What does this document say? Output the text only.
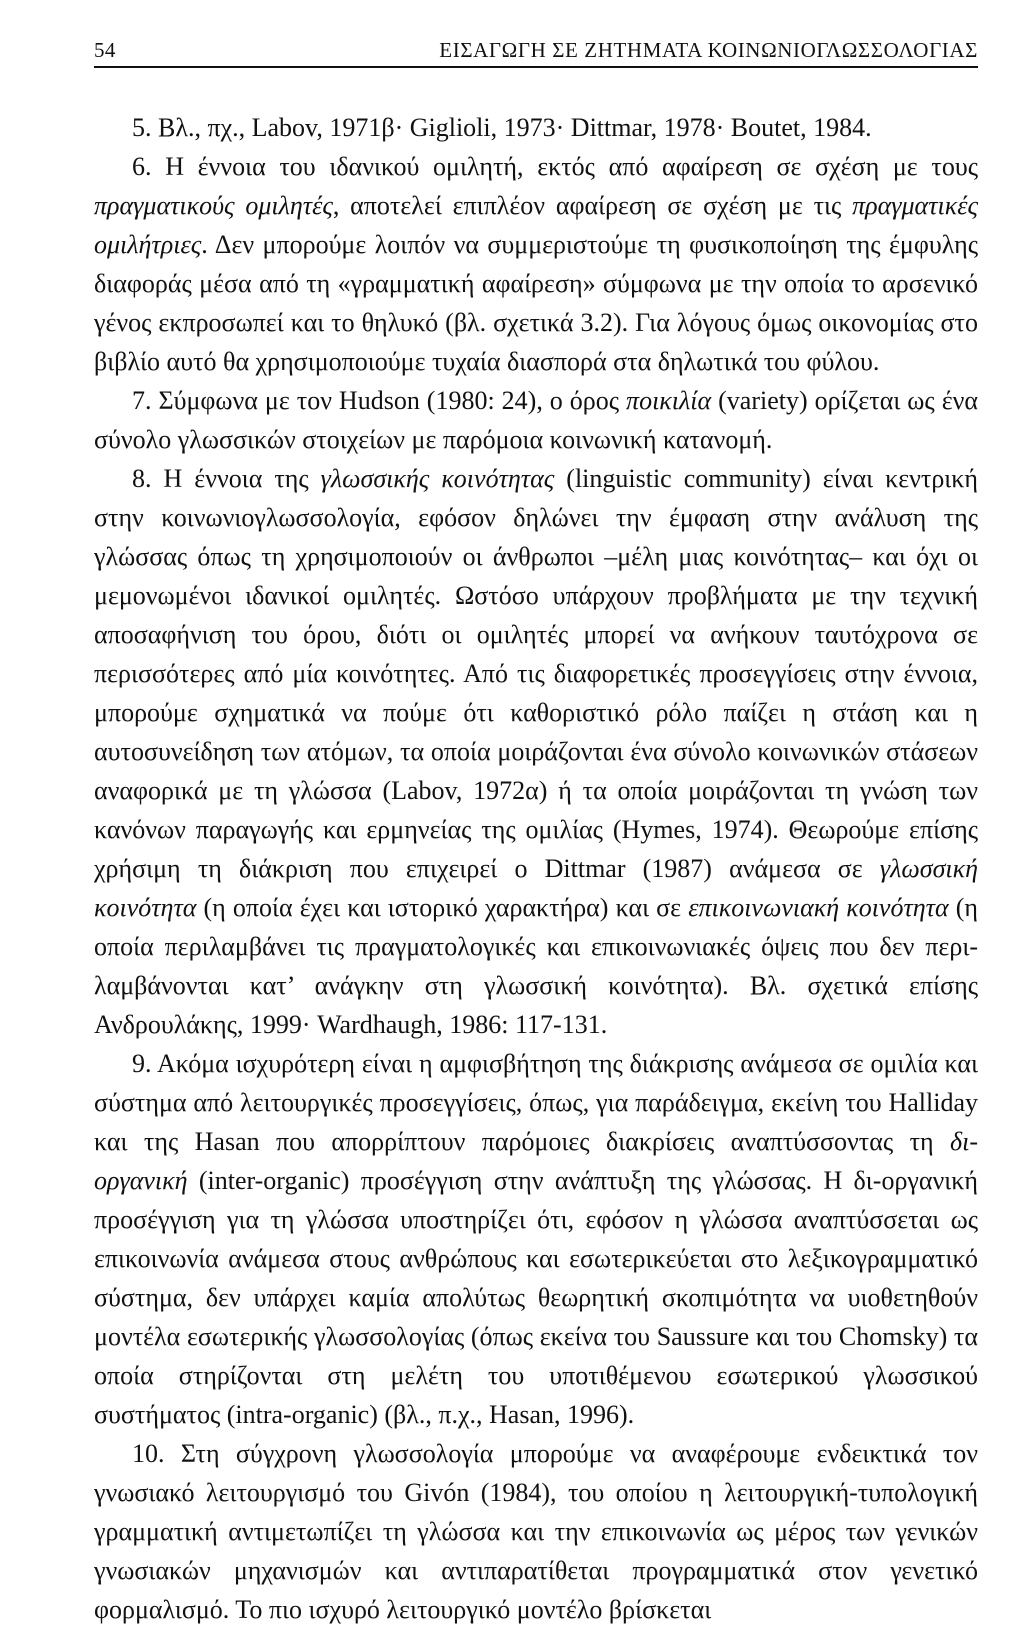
54	ΕΙΣΑΓΩΓΗ ΣΕ ΖΗΤΗΜΑΤΑ ΚΟΙΝΩΝΙΟΓΛΩΣΣΟΛΟΓΙΑΣ

5. Βλ., πχ., Labov, 1971β· Giglioli, 1973· Dittmar, 1978· Boutet, 1984.

6. Η έννοια του ιδανικού ομιλητή, εκτός από αφαίρεση σε σχέση με τους πραγματικούς ομιλητές, αποτελεί επιπλέον αφαίρεση σε σχέση με τις πραγματικές ομιλήτριες. Δεν μπορούμε λοιπόν να συμμεριστούμε τη φυσικοποίηση της έμφυλης διαφοράς μέσα από τη «γραμματική αφαίρεση» σύμφωνα με την οποία το αρσενικό γένος εκπροσωπεί και το θηλυκό (βλ. σχετικά 3.2). Για λόγους όμως οικονομίας στο βιβλίο αυτό θα χρησιμοποιούμε τυχαία διασπορά στα δηλωτικά του φύλου.

7. Σύμφωνα με τον Hudson (1980: 24), ο όρος ποικιλία (variety) ορίζεται ως ένα σύνολο γλωσσικών στοιχείων με παρόμοια κοινωνική κατανομή.

8. Η έννοια της γλωσσικής κοινότητας (linguistic community) είναι κεντρική στην κοινωνιογλωσσολογία, εφόσον δηλώνει την έμφαση στην ανάλυση της γλώσσας όπως τη χρησιμοποιούν οι άνθρωποι –μέλη μιας κοινότητας– και όχι οι μεμονωμένοι ιδανικοί ομιλητές. Ωστόσο υπάρχουν προβλήματα με την τεχνική αποσαφήνιση του όρου, διότι οι ομιλητές μπορεί να ανήκουν ταυτόχρονα σε περισσότερες από μία κοινότητες. Από τις διαφορετικές προσεγγίσεις στην έννοια, μπορούμε σχηματικά να πούμε ότι καθοριστικό ρόλο παίζει η στάση και η αυτοσυνείδηση των ατόμων, τα οποία μοιράζονται ένα σύνολο κοινωνικών στάσεων αναφορικά με τη γλώσσα (Labov, 1972α) ή τα οποία μοιράζονται τη γνώση των κανόνων παραγωγής και ερμηνείας της ομιλίας (Hymes, 1974). Θεωρούμε επίσης χρήσιμη τη διάκριση που επιχειρεί ο Dittmar (1987) ανάμεσα σε γλωσσική κοινότητα (η οποία έχει και ιστορικό χαρακτήρα) και σε επικοινωνιακή κοινότητα (η οποία περιλαμβάνει τις πραγματολογικές και επικοινωνιακές όψεις που δεν περιλαμβάνονται κατ’ ανάγκην στη γλωσσική κοινότητα). Βλ. σχετικά επίσης Ανδρουλάκης, 1999· Wardhaugh, 1986: 117-131.

9. Ακόμα ισχυρότερη είναι η αμφισβήτηση της διάκρισης ανάμεσα σε ομιλία και σύστημα από λειτουργικές προσεγγίσεις, όπως, για παράδειγμα, εκείνη του Halliday και της Hasan που απορρίπτουν παρόμοιες διακρίσεις αναπτύσσοντας τη δι-οργανική (inter-organic) προσέγγιση στην ανάπτυξη της γλώσσας. Η δι-οργανική προσέγγιση για τη γλώσσα υποστηρίζει ότι, εφόσον η γλώσσα αναπτύσσεται ως επικοινωνία ανάμεσα στους ανθρώπους και εσωτερικεύεται στο λεξικογραμματικό σύστημα, δεν υπάρχει καμία απολύτως θεωρητική σκοπιμότητα να υιοθετηθούν μοντέλα εσωτερικής γλωσσολογίας (όπως εκείνα του Saussure και του Chomsky) τα οποία στηρίζονται στη μελέτη του υποτιθέμενου εσωτερικού γλωσσικού συστήματος (intra-organic) (βλ., π.χ., Hasan, 1996).

10. Στη σύγχρονη γλωσσολογία μπορούμε να αναφέρουμε ενδεικτικά τον γνωσιακό λειτουργισμό του Givón (1984), του οποίου η λειτουργική-τυπολογική γραμματική αντιμετωπίζει τη γλώσσα και την επικοινωνία ως μέρος των γενικών γνωσιακών μηχανισμών και αντιπαρατίθεται προγραμματικά στον γενετικό φορμαλισμό. Το πιο ισχυρό λειτουργικό μοντέλο βρίσκεται
